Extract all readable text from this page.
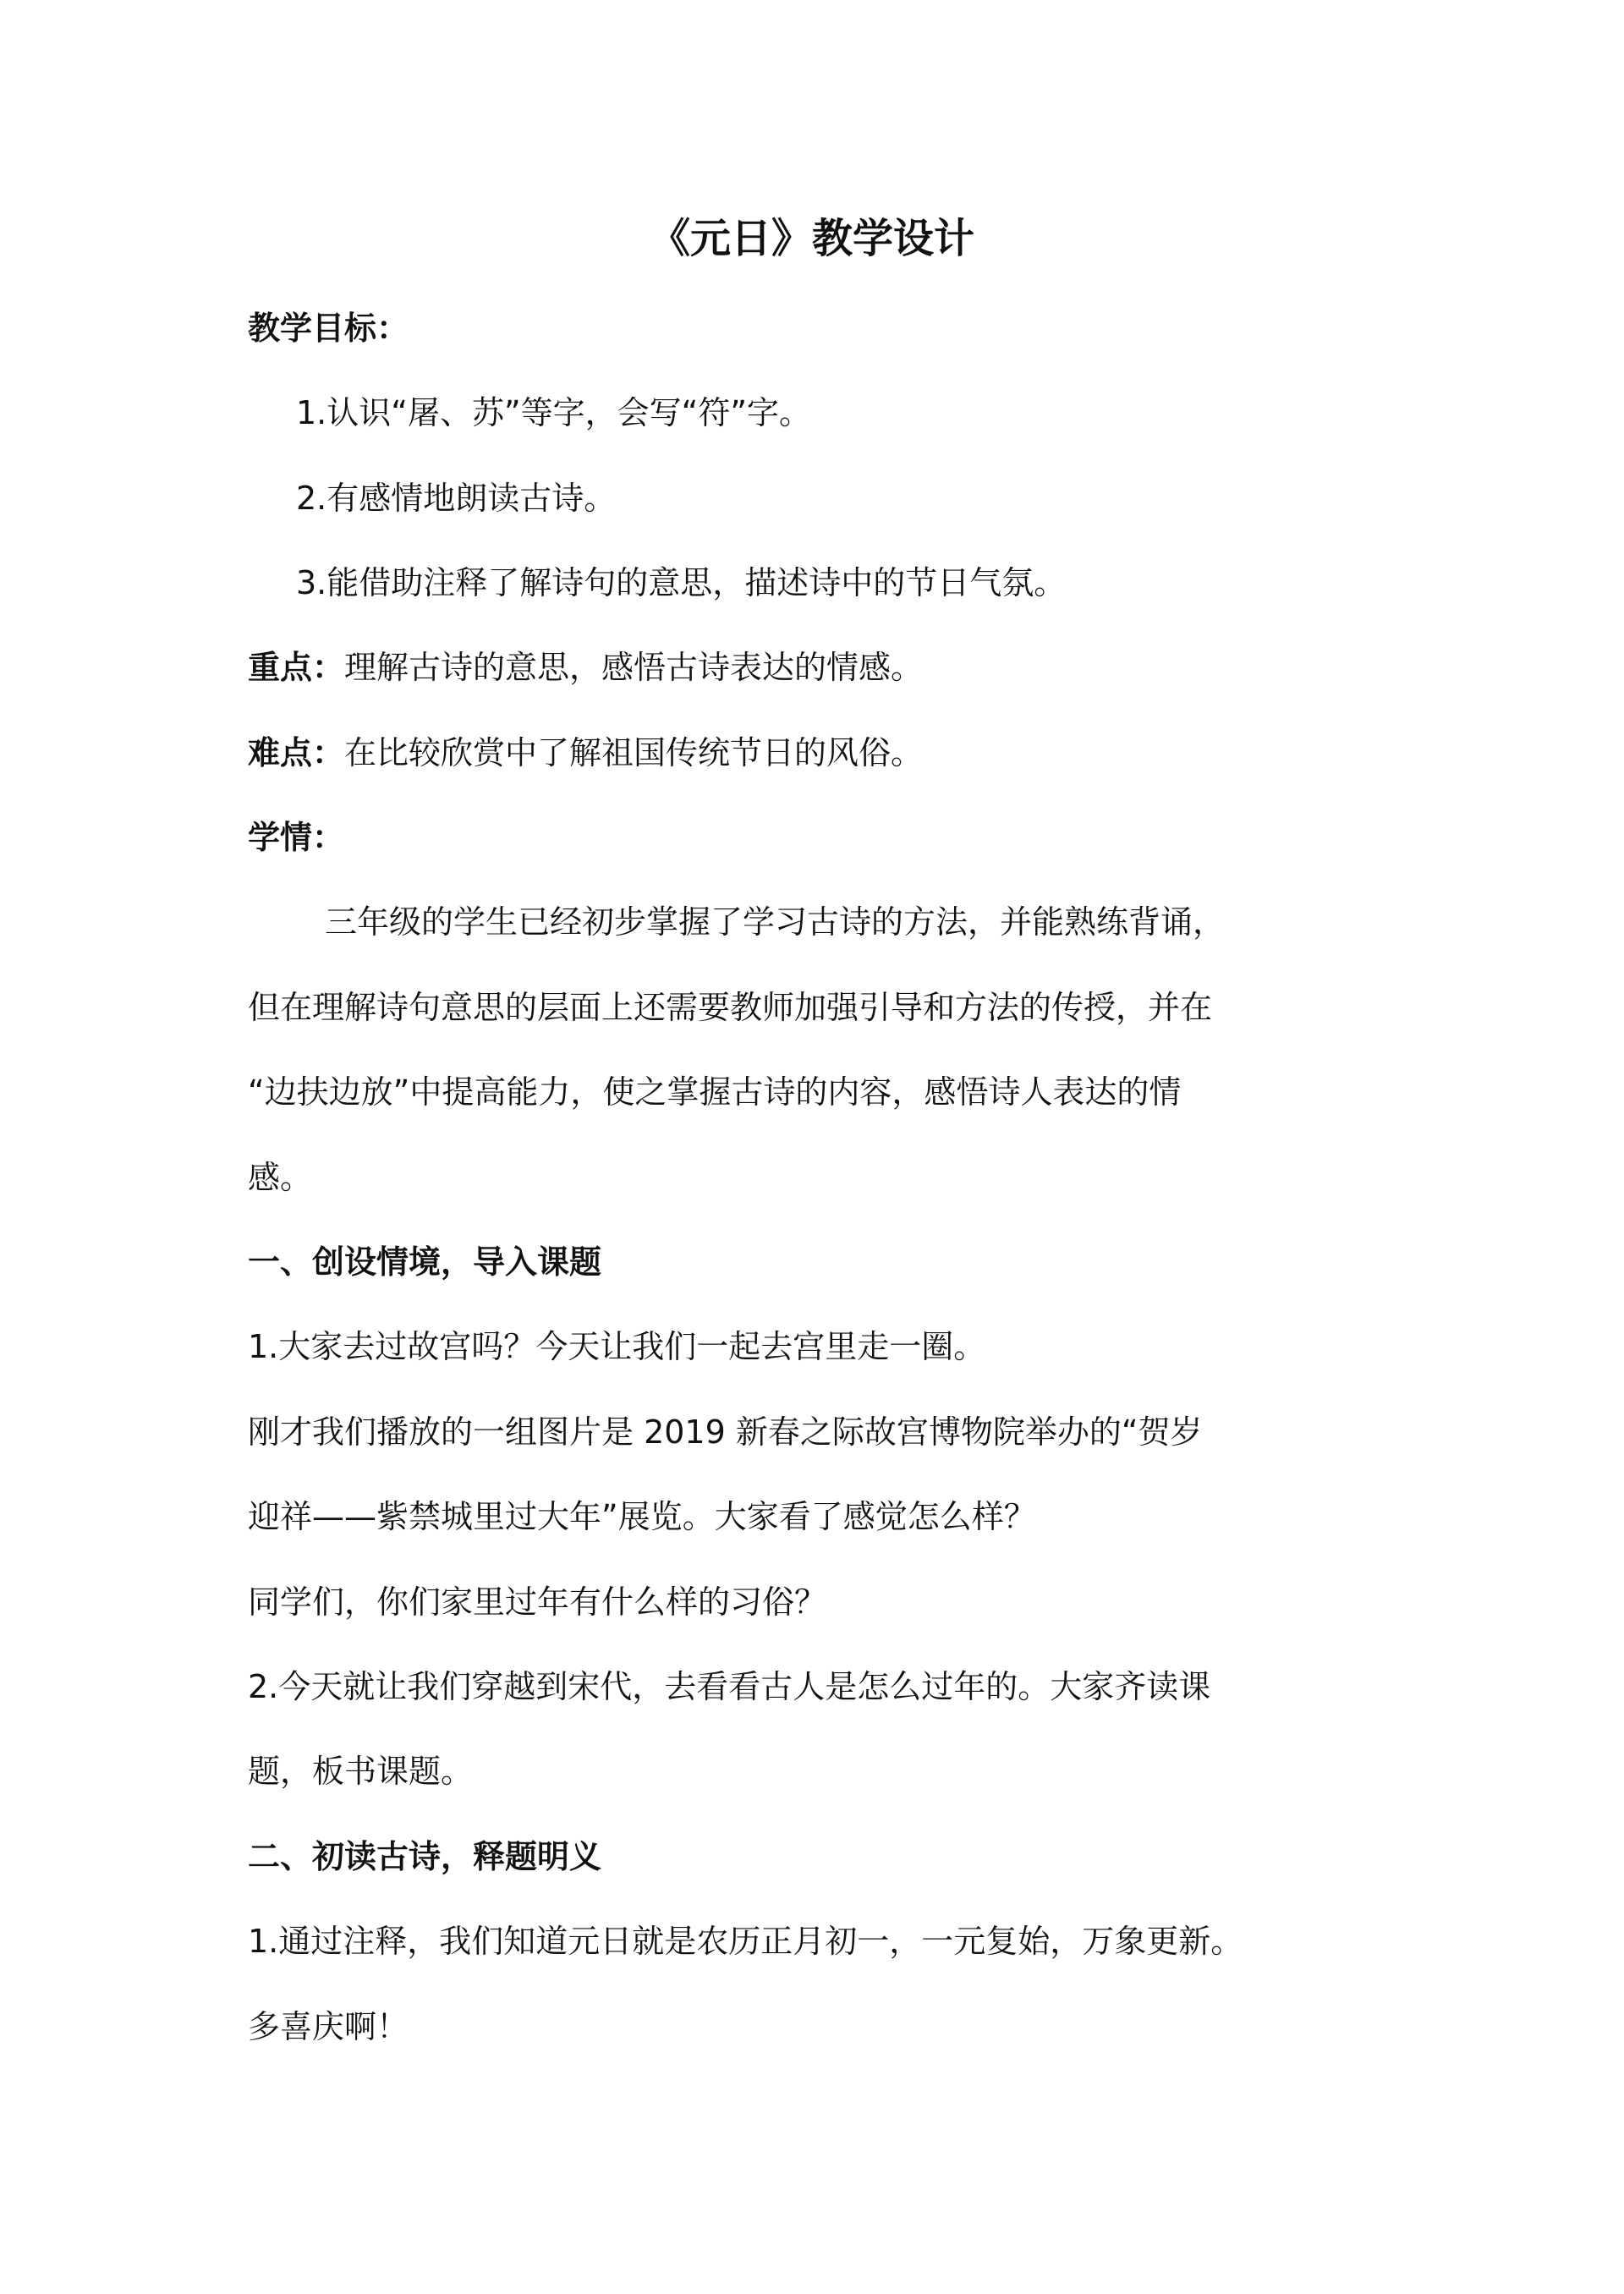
《元日》教学设计
教学目标：
1.认识“屠、苏”等字，会写“符”字。
2.有感情地朗读古诗。
3.能借助注释了解诗句的意思，描述诗中的节日气氛。
重点：理解古诗的意思，感悟古诗表达的情感。
难点：在比较欣赏中了解祖国传统节日的风俗。
学情：
三年级的学生已经初步掌握了学习古诗的方法，并能熟练背诵，
但在理解诗句意思的层面上还需要教师加强引导和方法的传授，并在
“边扶边放”中提高能力，使之掌握古诗的内容，感悟诗人表达的情
感。
一、创设情境，导入课题
1.大家去过故宫吗？今天让我们一起去宫里走一圈。
刚才我们播放的一组图片是 2019 新春之际故宫博物院举办的“贺岁
迎祥——紫禁城里过大年”展览。大家看了感觉怎么样？
同学们，你们家里过年有什么样的习俗？
2.今天就让我们穿越到宋代，去看看古人是怎么过年的。大家齐读课
题，板书课题。
二、初读古诗，释题明义
1.通过注释，我们知道元日就是农历正月初一，一元复始，万象更新。
多喜庆啊！
